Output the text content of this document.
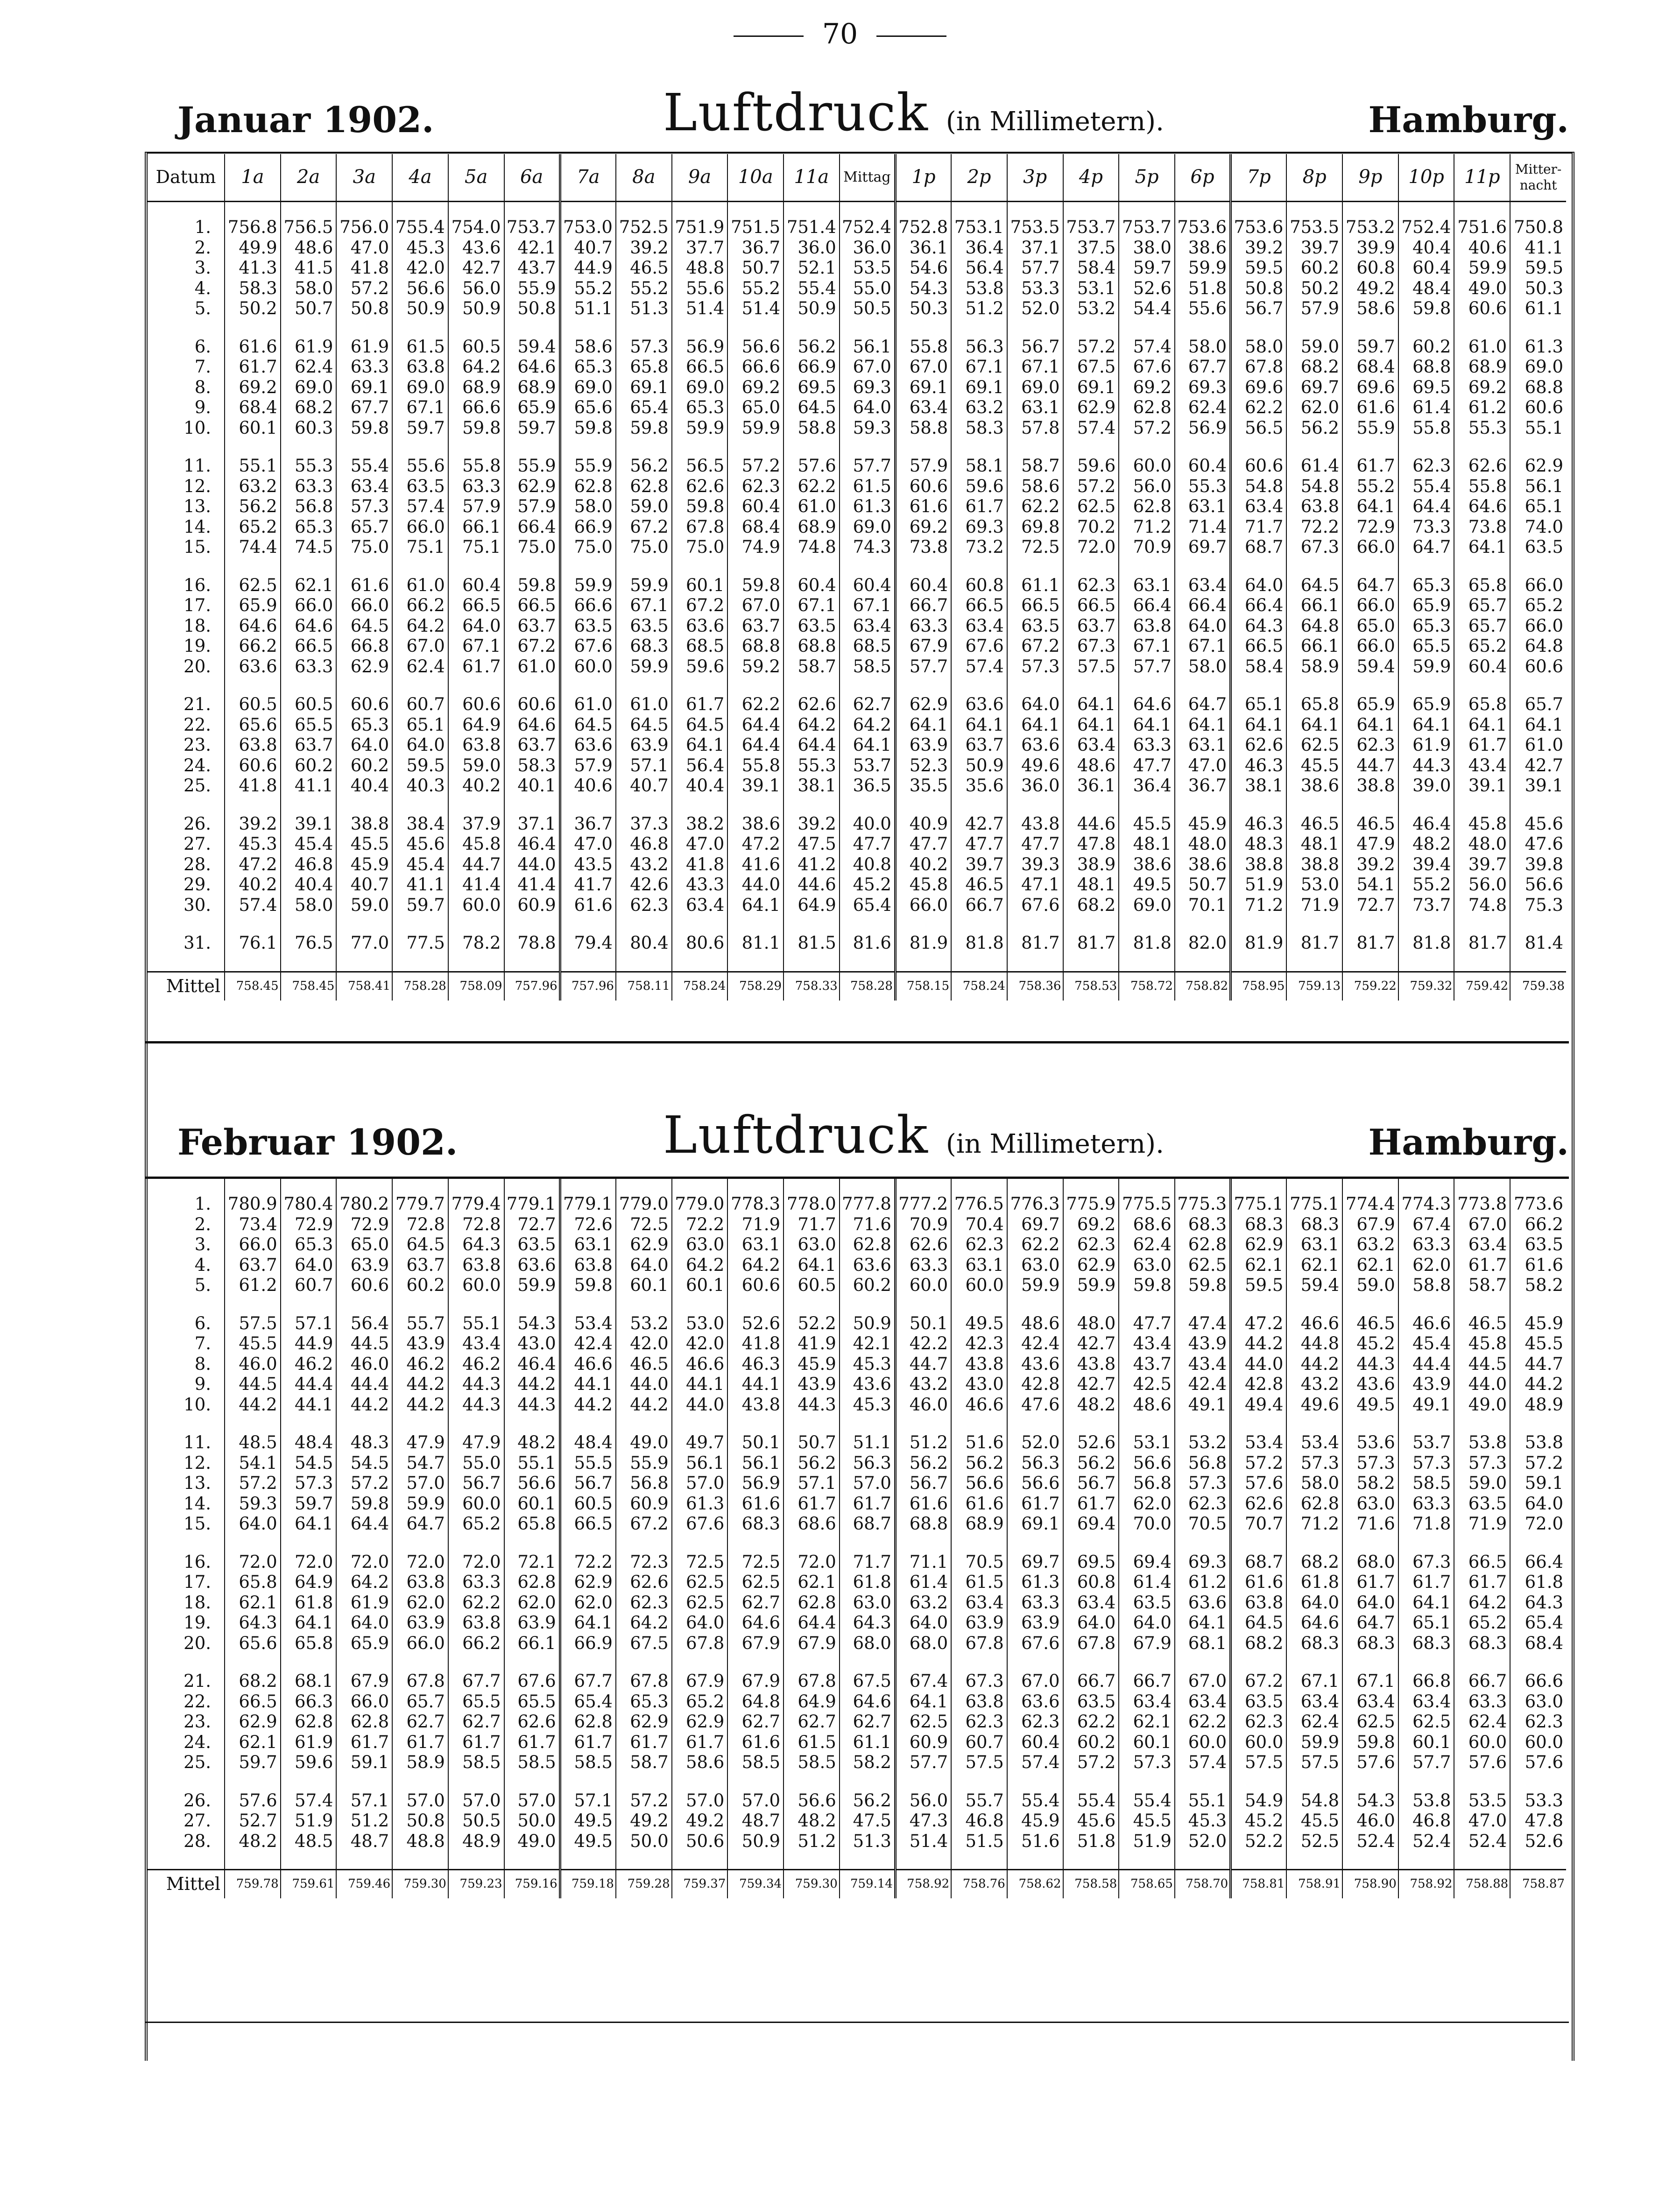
70
Januar 1902.	Luftdruck (in Millimetern).	Hamburg.
Februar 1902.	Luftdruck (in Millimetern).	Hamburg.
Datum	1a	2a	3a	4a	5a	6a	7a	8a	9a	10a	11a	Mittag	1p	2p	3p	4p	5p	6p	7p	8p	9p	10p	11p	Mitter-nacht

1.	756.8	756.5	756.0	755.4	754.0	753.7	753.0	752.5	751.9	751.5	751.4	752.4	752.8	753.1	753.5	753.7	753.7	753.6	753.6	753.5	753.2	752.4	751.6	750.8
2.	49.9	48.6	47.0	45.3	43.6	42.1	40.7	39.2	37.7	36.7	36.0	36.0	36.1	36.4	37.1	37.5	38.0	38.6	39.2	39.7	39.9	40.4	40.6	41.1
3.	41.3	41.5	41.8	42.0	42.7	43.7	44.9	46.5	48.8	50.7	52.1	53.5	54.6	56.4	57.7	58.4	59.7	59.9	59.5	60.2	60.8	60.4	59.9	59.5
4.	58.3	58.0	57.2	56.6	56.0	55.9	55.2	55.2	55.6	55.2	55.4	55.0	54.3	53.8	53.3	53.1	52.6	51.8	50.8	50.2	49.2	48.4	49.0	50.3
5.	50.2	50.7	50.8	50.9	50.9	50.8	51.1	51.3	51.4	51.4	50.9	50.5	50.3	51.2	52.0	53.2	54.4	55.6	56.7	57.9	58.6	59.8	60.6	61.1

6.	61.6	61.9	61.9	61.5	60.5	59.4	58.6	57.3	56.9	56.6	56.2	56.1	55.8	56.3	56.7	57.2	57.4	58.0	58.0	59.0	59.7	60.2	61.0	61.3
7.	61.7	62.4	63.3	63.8	64.2	64.6	65.3	65.8	66.5	66.6	66.9	67.0	67.0	67.1	67.1	67.5	67.6	67.7	67.8	68.2	68.4	68.8	68.9	69.0
8.	69.2	69.0	69.1	69.0	68.9	68.9	69.0	69.1	69.0	69.2	69.5	69.3	69.1	69.1	69.0	69.1	69.2	69.3	69.6	69.7	69.6	69.5	69.2	68.8
9.	68.4	68.2	67.7	67.1	66.6	65.9	65.6	65.4	65.3	65.0	64.5	64.0	63.4	63.2	63.1	62.9	62.8	62.4	62.2	62.0	61.6	61.4	61.2	60.6
10.	60.1	60.3	59.8	59.7	59.8	59.7	59.8	59.8	59.9	59.9	58.8	59.3	58.8	58.3	57.8	57.4	57.2	56.9	56.5	56.2	55.9	55.8	55.3	55.1

11.	55.1	55.3	55.4	55.6	55.8	55.9	55.9	56.2	56.5	57.2	57.6	57.7	57.9	58.1	58.7	59.6	60.0	60.4	60.6	61.4	61.7	62.3	62.6	62.9
12.	63.2	63.3	63.4	63.5	63.3	62.9	62.8	62.8	62.6	62.3	62.2	61.5	60.6	59.6	58.6	57.2	56.0	55.3	54.8	54.8	55.2	55.4	55.8	56.1
13.	56.2	56.8	57.3	57.4	57.9	57.9	58.0	59.0	59.8	60.4	61.0	61.3	61.6	61.7	62.2	62.5	62.8	63.1	63.4	63.8	64.1	64.4	64.6	65.1
14.	65.2	65.3	65.7	66.0	66.1	66.4	66.9	67.2	67.8	68.4	68.9	69.0	69.2	69.3	69.8	70.2	71.2	71.4	71.7	72.2	72.9	73.3	73.8	74.0
15.	74.4	74.5	75.0	75.1	75.1	75.0	75.0	75.0	75.0	74.9	74.8	74.3	73.8	73.2	72.5	72.0	70.9	69.7	68.7	67.3	66.0	64.7	64.1	63.5

16.	62.5	62.1	61.6	61.0	60.4	59.8	59.9	59.9	60.1	59.8	60.4	60.4	60.4	60.8	61.1	62.3	63.1	63.4	64.0	64.5	64.7	65.3	65.8	66.0
17.	65.9	66.0	66.0	66.2	66.5	66.5	66.6	67.1	67.2	67.0	67.1	67.1	66.7	66.5	66.5	66.5	66.4	66.4	66.4	66.1	66.0	65.9	65.7	65.2
18.	64.6	64.6	64.5	64.2	64.0	63.7	63.5	63.5	63.6	63.7	63.5	63.4	63.3	63.4	63.5	63.7	63.8	64.0	64.3	64.8	65.0	65.3	65.7	66.0
19.	66.2	66.5	66.8	67.0	67.1	67.2	67.6	68.3	68.5	68.8	68.8	68.5	67.9	67.6	67.2	67.3	67.1	67.1	66.5	66.1	66.0	65.5	65.2	64.8
20.	63.6	63.3	62.9	62.4	61.7	61.0	60.0	59.9	59.6	59.2	58.7	58.5	57.7	57.4	57.3	57.5	57.7	58.0	58.4	58.9	59.4	59.9	60.4	60.6

21.	60.5	60.5	60.6	60.7	60.6	60.6	61.0	61.0	61.7	62.2	62.6	62.7	62.9	63.6	64.0	64.1	64.6	64.7	65.1	65.8	65.9	65.9	65.8	65.7
22.	65.6	65.5	65.3	65.1	64.9	64.6	64.5	64.5	64.5	64.4	64.2	64.2	64.1	64.1	64.1	64.1	64.1	64.1	64.1	64.1	64.1	64.1	64.1	64.1
23.	63.8	63.7	64.0	64.0	63.8	63.7	63.6	63.9	64.1	64.4	64.4	64.1	63.9	63.7	63.6	63.4	63.3	63.1	62.6	62.5	62.3	61.9	61.7	61.0
24.	60.6	60.2	60.2	59.5	59.0	58.3	57.9	57.1	56.4	55.8	55.3	53.7	52.3	50.9	49.6	48.6	47.7	47.0	46.3	45.5	44.7	44.3	43.4	42.7
25.	41.8	41.1	40.4	40.3	40.2	40.1	40.6	40.7	40.4	39.1	38.1	36.5	35.5	35.6	36.0	36.1	36.4	36.7	38.1	38.6	38.8	39.0	39.1	39.1

26.	39.2	39.1	38.8	38.4	37.9	37.1	36.7	37.3	38.2	38.6	39.2	40.0	40.9	42.7	43.8	44.6	45.5	45.9	46.3	46.5	46.5	46.4	45.8	45.6
27.	45.3	45.4	45.5	45.6	45.8	46.4	47.0	46.8	47.0	47.2	47.5	47.7	47.7	47.7	47.7	47.8	48.1	48.0	48.3	48.1	47.9	48.2	48.0	47.6
28.	47.2	46.8	45.9	45.4	44.7	44.0	43.5	43.2	41.8	41.6	41.2	40.8	40.2	39.7	39.3	38.9	38.6	38.6	38.8	38.8	39.2	39.4	39.7	39.8
29.	40.2	40.4	40.7	41.1	41.4	41.4	41.7	42.6	43.3	44.0	44.6	45.2	45.8	46.5	47.1	48.1	49.5	50.7	51.9	53.0	54.1	55.2	56.0	56.6
30.	57.4	58.0	59.0	59.7	60.0	60.9	61.6	62.3	63.4	64.1	64.9	65.4	66.0	66.7	67.6	68.2	69.0	70.1	71.2	71.9	72.7	73.7	74.8	75.3

31.	76.1	76.5	77.0	77.5	78.2	78.8	79.4	80.4	80.6	81.1	81.5	81.6	81.9	81.8	81.7	81.7	81.8	82.0	81.9	81.7	81.7	81.8	81.7	81.4

Mittel	758.45	758.45	758.41	758.28	758.09	757.96	757.96	758.11	758.24	758.29	758.33	758.28	758.15	758.24	758.36	758.53	758.72	758.82	758.95	759.13	759.22	759.32	759.42	759.38

1.	780.9	780.4	780.2	779.7	779.4	779.1	779.1	779.0	779.0	778.3	778.0	777.8	777.2	776.5	776.3	775.9	775.5	775.3	775.1	775.1	774.4	774.3	773.8	773.6
2.	73.4	72.9	72.9	72.8	72.8	72.7	72.6	72.5	72.2	71.9	71.7	71.6	70.9	70.4	69.7	69.2	68.6	68.3	68.3	68.3	67.9	67.4	67.0	66.2
3.	66.0	65.3	65.0	64.5	64.3	63.5	63.1	62.9	63.0	63.1	63.0	62.8	62.6	62.3	62.2	62.3	62.4	62.8	62.9	63.1	63.2	63.3	63.4	63.5
4.	63.7	64.0	63.9	63.7	63.8	63.6	63.8	64.0	64.2	64.2	64.1	63.6	63.3	63.1	63.0	62.9	63.0	62.5	62.1	62.1	62.1	62.0	61.7	61.6
5.	61.2	60.7	60.6	60.2	60.0	59.9	59.8	60.1	60.1	60.6	60.5	60.2	60.0	60.0	59.9	59.9	59.8	59.8	59.5	59.4	59.0	58.8	58.7	58.2

6.	57.5	57.1	56.4	55.7	55.1	54.3	53.4	53.2	53.0	52.6	52.2	50.9	50.1	49.5	48.6	48.0	47.7	47.4	47.2	46.6	46.5	46.6	46.5	45.9
7.	45.5	44.9	44.5	43.9	43.4	43.0	42.4	42.0	42.0	41.8	41.9	42.1	42.2	42.3	42.4	42.7	43.4	43.9	44.2	44.8	45.2	45.4	45.8	45.5
8.	46.0	46.2	46.0	46.2	46.2	46.4	46.6	46.5	46.6	46.3	45.9	45.3	44.7	43.8	43.6	43.8	43.7	43.4	44.0	44.2	44.3	44.4	44.5	44.7
9.	44.5	44.4	44.4	44.2	44.3	44.2	44.1	44.0	44.1	44.1	43.9	43.6	43.2	43.0	42.8	42.7	42.5	42.4	42.8	43.2	43.6	43.9	44.0	44.2
10.	44.2	44.1	44.2	44.2	44.3	44.3	44.2	44.2	44.0	43.8	44.3	45.3	46.0	46.6	47.6	48.2	48.6	49.1	49.4	49.6	49.5	49.1	49.0	48.9

11.	48.5	48.4	48.3	47.9	47.9	48.2	48.4	49.0	49.7	50.1	50.7	51.1	51.2	51.6	52.0	52.6	53.1	53.2	53.4	53.4	53.6	53.7	53.8	53.8
12.	54.1	54.5	54.5	54.7	55.0	55.1	55.5	55.9	56.1	56.1	56.2	56.3	56.2	56.2	56.3	56.2	56.6	56.8	57.2	57.3	57.3	57.3	57.3	57.2
13.	57.2	57.3	57.2	57.0	56.7	56.6	56.7	56.8	57.0	56.9	57.1	57.0	56.7	56.6	56.6	56.7	56.8	57.3	57.6	58.0	58.2	58.5	59.0	59.1
14.	59.3	59.7	59.8	59.9	60.0	60.1	60.5	60.9	61.3	61.6	61.7	61.7	61.6	61.6	61.7	61.7	62.0	62.3	62.6	62.8	63.0	63.3	63.5	64.0
15.	64.0	64.1	64.4	64.7	65.2	65.8	66.5	67.2	67.6	68.3	68.6	68.7	68.8	68.9	69.1	69.4	70.0	70.5	70.7	71.2	71.6	71.8	71.9	72.0

16.	72.0	72.0	72.0	72.0	72.0	72.1	72.2	72.3	72.5	72.5	72.0	71.7	71.1	70.5	69.7	69.5	69.4	69.3	68.7	68.2	68.0	67.3	66.5	66.4
17.	65.8	64.9	64.2	63.8	63.3	62.8	62.9	62.6	62.5	62.5	62.1	61.8	61.4	61.5	61.3	60.8	61.4	61.2	61.6	61.8	61.7	61.7	61.7	61.8
18.	62.1	61.8	61.9	62.0	62.2	62.0	62.0	62.3	62.5	62.7	62.8	63.0	63.2	63.4	63.3	63.4	63.5	63.6	63.8	64.0	64.0	64.1	64.2	64.3
19.	64.3	64.1	64.0	63.9	63.8	63.9	64.1	64.2	64.0	64.6	64.4	64.3	64.0	63.9	63.9	64.0	64.0	64.1	64.5	64.6	64.7	65.1	65.2	65.4
20.	65.6	65.8	65.9	66.0	66.2	66.1	66.9	67.5	67.8	67.9	67.9	68.0	68.0	67.8	67.6	67.8	67.9	68.1	68.2	68.3	68.3	68.3	68.3	68.4

21.	68.2	68.1	67.9	67.8	67.7	67.6	67.7	67.8	67.9	67.9	67.8	67.5	67.4	67.3	67.0	66.7	66.7	67.0	67.2	67.1	67.1	66.8	66.7	66.6
22.	66.5	66.3	66.0	65.7	65.5	65.5	65.4	65.3	65.2	64.8	64.9	64.6	64.1	63.8	63.6	63.5	63.4	63.4	63.5	63.4	63.4	63.4	63.3	63.0
23.	62.9	62.8	62.8	62.7	62.7	62.6	62.8	62.9	62.9	62.7	62.7	62.7	62.5	62.3	62.3	62.2	62.1	62.2	62.3	62.4	62.5	62.5	62.4	62.3
24.	62.1	61.9	61.7	61.7	61.7	61.7	61.7	61.7	61.7	61.6	61.5	61.1	60.9	60.7	60.4	60.2	60.1	60.0	60.0	59.9	59.8	60.1	60.0	60.0
25.	59.7	59.6	59.1	58.9	58.5	58.5	58.5	58.7	58.6	58.5	58.5	58.2	57.7	57.5	57.4	57.2	57.3	57.4	57.5	57.5	57.6	57.7	57.6	57.6

26.	57.6	57.4	57.1	57.0	57.0	57.0	57.1	57.2	57.0	57.0	56.6	56.2	56.0	55.7	55.4	55.4	55.4	55.1	54.9	54.8	54.3	53.8	53.5	53.3
27.	52.7	51.9	51.2	50.8	50.5	50.0	49.5	49.2	49.2	48.7	48.2	47.5	47.3	46.8	45.9	45.6	45.5	45.3	45.2	45.5	46.0	46.8	47.0	47.8
28.	48.2	48.5	48.7	48.8	48.9	49.0	49.5	50.0	50.6	50.9	51.2	51.3	51.4	51.5	51.6	51.8	51.9	52.0	52.2	52.5	52.4	52.4	52.4	52.6

Mittel	759.78	759.61	759.46	759.30	759.23	759.16	759.18	759.28	759.37	759.34	759.30	759.14	758.92	758.76	758.62	758.58	758.65	758.70	758.81	758.91	758.90	758.92	758.88	758.87
